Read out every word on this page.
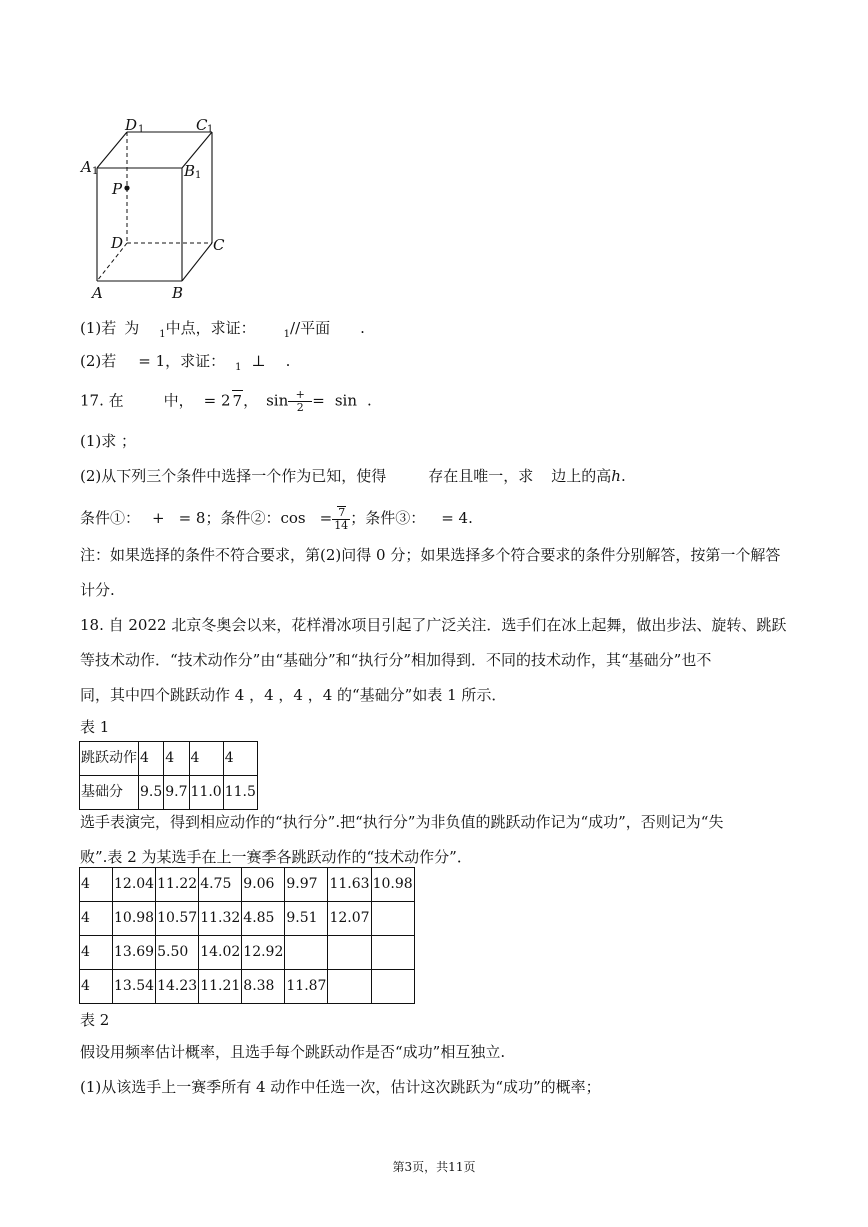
D 1	C 1
A 1	B 1
P
D	C
A	B
(1)若 为 $_1$中点，求证：	$_1$//平面 .
(2)若 = 1，求证： $_1$ ⊥ .
17. 在	中， = 2 7， $\sin \frac{+}{2} = \sin$ .
(1)求 ；
(2)从下列三个条件中选择一个作为已知，使得	存在且唯一，求 边上的高h.
条件①： + = 8；条件②：$\cos = \frac{7}{14}$ ；条件③： = 4.
注：如果选择的条件不符合要求，第(2)问得 0 分；如果选择多个符合要求的条件分别解答，按第一个解答
计分.
18. 自 2022 北京冬奥会以来，花样滑冰项目引起了广泛关注．选手们在冰上起舞，做出步法、旋转、跳跃
等技术动作．“技术动作分”由“基础分”和“执行分”相加得到．不同的技术动作，其“基础分”也不
同，其中四个跳跃动作 4 ，4 ，4 ，4 的“基础分”如表 1 所示．
表 1
跳跃动作	4	4	4	4
基础分	9.5	9.7	11.0	11.5
选手表演完，得到相应动作的“执行分”.把“执行分”为非负值的跳跃动作记为“成功”，否则记为“失
败”.表 2 为某选手在上一赛季各跳跃动作的“技术动作分”．
4	12.04	11.22	4.75	9.06	9.97	11.63	10.98
4	10.98	10.57	11.32	4.85	9.51	12.07	
4	13.69	5.50	14.02	12.92			
4	13.54	14.23	11.21	8.38	11.87		
表 2
假设用频率估计概率，且选手每个跳跃动作是否“成功”相互独立.
(1)从该选手上一赛季所有 4 动作中任选一次，估计这次跳跃为“成功”的概率；
第3页，共11页
